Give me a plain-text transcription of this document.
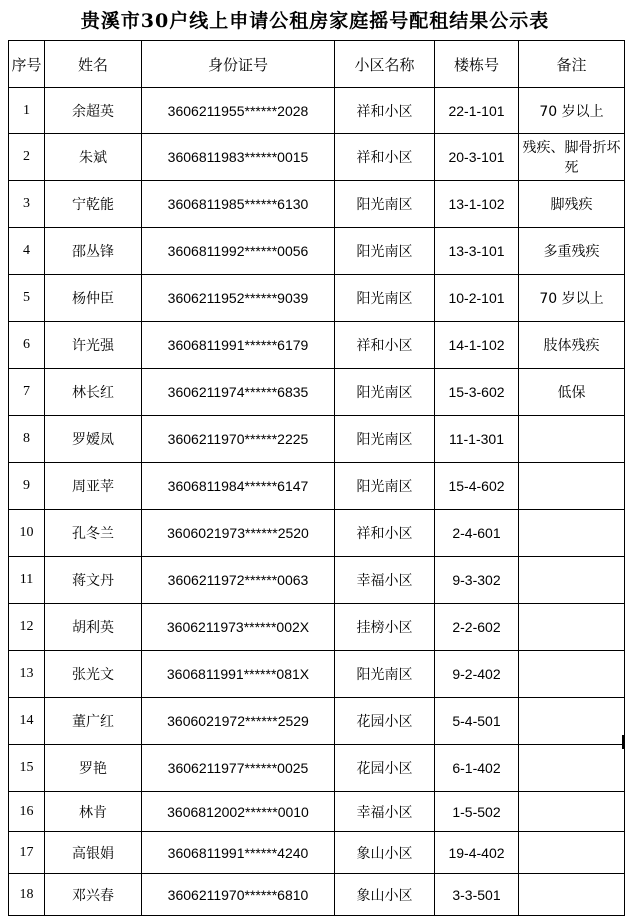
贵溪市30户线上申请公租房家庭摇号配租结果公示表
序号	姓名	身份证号	小区名称	楼栋号	备注
1	余超英	3606211955******2028	祥和小区	22-1-101	70 岁以上
2	朱斌	3606811983******0015	祥和小区	20-3-101	残疾、脚骨折坏死
3	宁乾能	3606811985******6130	阳光南区	13-1-102	脚残疾
4	邵丛锋	3606811992******0056	阳光南区	13-3-101	多重残疾
5	杨仲臣	3606211952******9039	阳光南区	10-2-101	70 岁以上
6	许光强	3606811991******6179	祥和小区	14-1-102	肢体残疾
7	林长红	3606211974******6835	阳光南区	15-3-602	低保
8	罗嫒凤	3606211970******2225	阳光南区	11-1-301	
9	周亚苹	3606811984******6147	阳光南区	15-4-602	
10	孔冬兰	3606021973******2520	祥和小区	2-4-601	
11	蒋文丹	3606211972******0063	幸福小区	9-3-302	
12	胡利英	3606211973******002X	挂榜小区	2-2-602	
13	张光文	3606811991******081X	阳光南区	9-2-402	
14	董广红	3606021972******2529	花园小区	5-4-501	
15	罗艳	3606211977******0025	花园小区	6-1-402	
16	林肯	3606812002******0010	幸福小区	1-5-502	
17	高银娟	3606811991******4240	象山小区	19-4-402	
18	邓兴春	3606211970******6810	象山小区	3-3-501	
